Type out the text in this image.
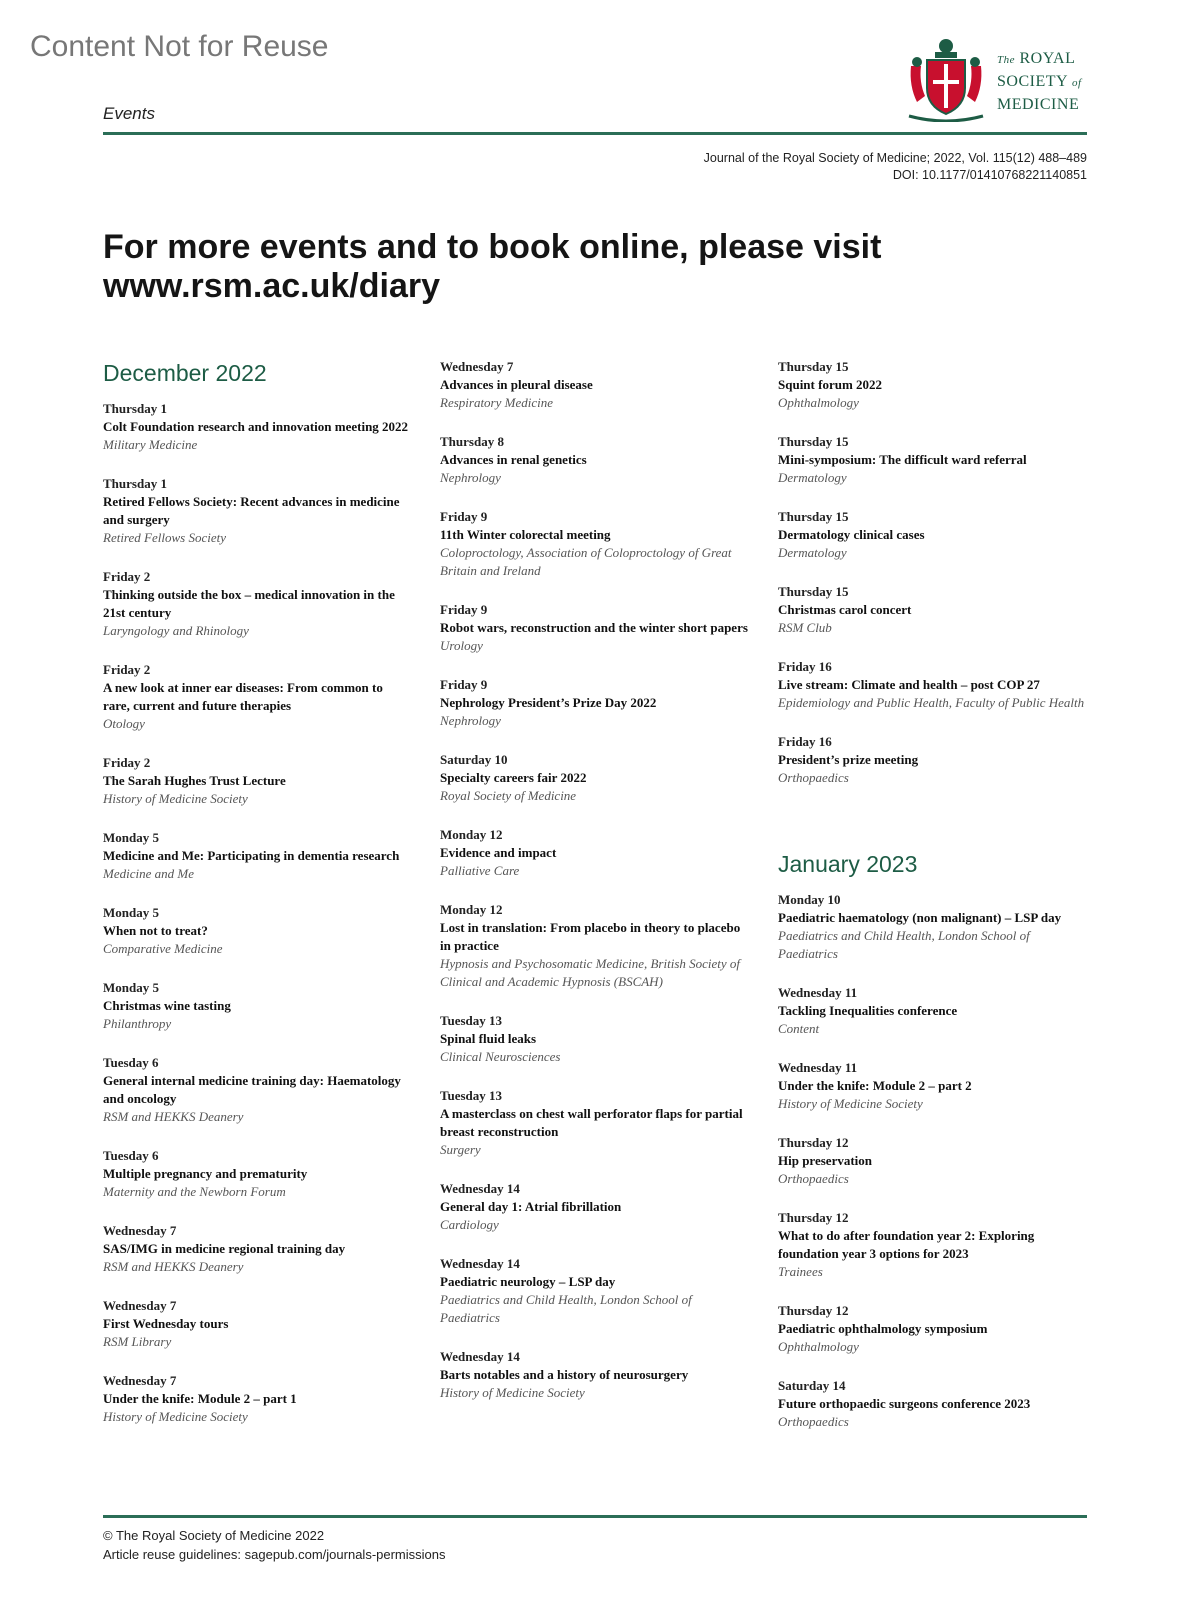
Content Not for Reuse	The ROYAL
SOCIETY of
MEDICINE
Events
Journal of the Royal Society of Medicine; 2022, Vol. 115(12) 488–489
DOI: 10.1177/01410768221140851
For more events and to book online, please visit
www.rsm.ac.uk/diary
December 2022
Thursday 1
Colt Foundation research and innovation meeting 2022
Military Medicine
Thursday 1
Retired Fellows Society: Recent advances in medicine and surgery
Retired Fellows Society
Friday 2
Thinking outside the box – medical innovation in the 21st century
Laryngology and Rhinology
Friday 2
A new look at inner ear diseases: From common to rare, current and future therapies
Otology
Friday 2
The Sarah Hughes Trust Lecture
History of Medicine Society
Monday 5
Medicine and Me: Participating in dementia research
Medicine and Me
Monday 5
When not to treat?
Comparative Medicine
Monday 5
Christmas wine tasting
Philanthropy
Tuesday 6
General internal medicine training day: Haematology and oncology
RSM and HEKKS Deanery
Tuesday 6
Multiple pregnancy and prematurity
Maternity and the Newborn Forum
Wednesday 7
SAS/IMG in medicine regional training day
RSM and HEKKS Deanery
Wednesday 7
First Wednesday tours
RSM Library
Wednesday 7
Under the knife: Module 2 – part 1
History of Medicine Society
Wednesday 7
Advances in pleural disease
Respiratory Medicine
Thursday 8
Advances in renal genetics
Nephrology
Friday 9
11th Winter colorectal meeting
Coloproctology, Association of Coloproctology of Great Britain and Ireland
Friday 9
Robot wars, reconstruction and the winter short papers
Urology
Friday 9
Nephrology President’s Prize Day 2022
Nephrology
Saturday 10
Specialty careers fair 2022
Royal Society of Medicine
Monday 12
Evidence and impact
Palliative Care
Monday 12
Lost in translation: From placebo in theory to placebo in practice
Hypnosis and Psychosomatic Medicine, British Society of Clinical and Academic Hypnosis (BSCAH)
Tuesday 13
Spinal fluid leaks
Clinical Neurosciences
Tuesday 13
A masterclass on chest wall perforator flaps for partial breast reconstruction
Surgery
Wednesday 14
General day 1: Atrial fibrillation
Cardiology
Wednesday 14
Paediatric neurology – LSP day
Paediatrics and Child Health, London School of Paediatrics
Wednesday 14
Barts notables and a history of neurosurgery
History of Medicine Society
Thursday 15
Squint forum 2022
Ophthalmology
Thursday 15
Mini-symposium: The difficult ward referral
Dermatology
Thursday 15
Dermatology clinical cases
Dermatology
Thursday 15
Christmas carol concert
RSM Club
Friday 16
Live stream: Climate and health – post COP 27
Epidemiology and Public Health, Faculty of Public Health
Friday 16
President’s prize meeting
Orthopaedics
January 2023
Monday 10
Paediatric haematology (non malignant) – LSP day
Paediatrics and Child Health, London School of Paediatrics
Wednesday 11
Tackling Inequalities conference
Content
Wednesday 11
Under the knife: Module 2 – part 2
History of Medicine Society
Thursday 12
Hip preservation
Orthopaedics
Thursday 12
What to do after foundation year 2: Exploring foundation year 3 options for 2023
Trainees
Thursday 12
Paediatric ophthalmology symposium
Ophthalmology
Saturday 14
Future orthopaedic surgeons conference 2023
Orthopaedics
© The Royal Society of Medicine 2022
Article reuse guidelines: sagepub.com/journals-permissions
